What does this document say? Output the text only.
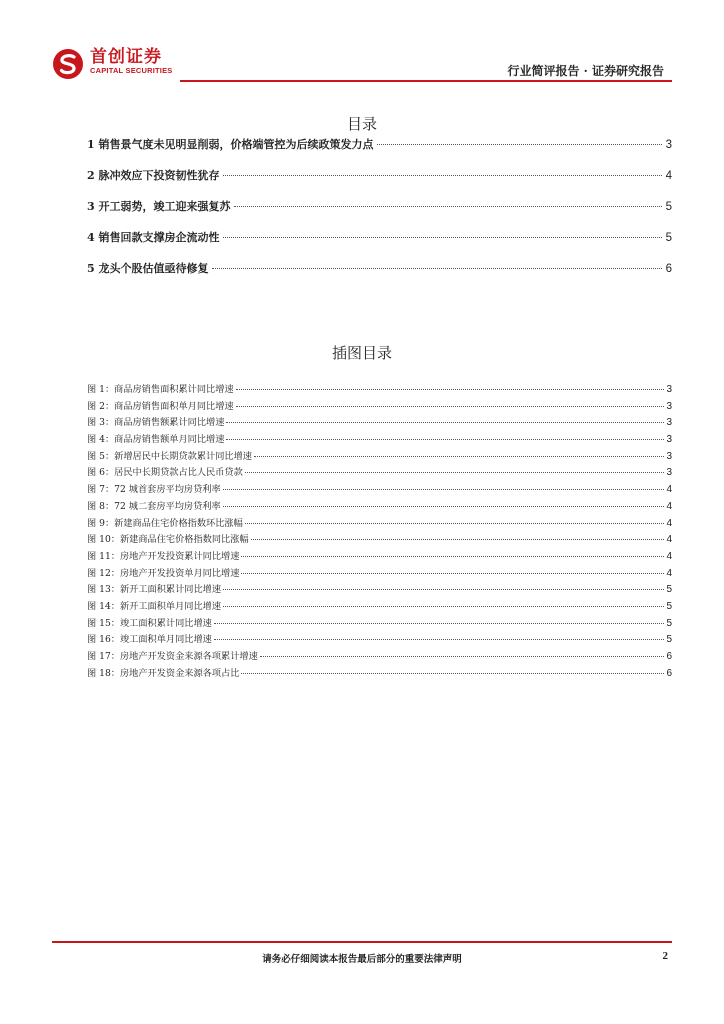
首创证券
CAPITAL SECURITIES	行业简评报告 · 证券研究报告
目录
1 销售景气度未见明显削弱，价格端管控为后续政策发力点	3
2 脉冲效应下投资韧性犹存	4
3 开工弱势，竣工迎来强复苏	5
4 销售回款支撑房企流动性	5
5 龙头个股估值亟待修复	6
插图目录
图 1：商品房销售面积累计同比增速	3
图 2：商品房销售面积单月同比增速	3
图 3：商品房销售额累计同比增速	3
图 4：商品房销售额单月同比增速	3
图 5：新增居民中长期贷款累计同比增速	3
图 6：居民中长期贷款占比人民币贷款	3
图 7：72 城首套房平均房贷利率	4
图 8：72 城二套房平均房贷利率	4
图 9：新建商品住宅价格指数环比涨幅	4
图 10：新建商品住宅价格指数同比涨幅	4
图 11：房地产开发投资累计同比增速	4
图 12：房地产开发投资单月同比增速	4
图 13：新开工面积累计同比增速	5
图 14：新开工面积单月同比增速	5
图 15：竣工面积累计同比增速	5
图 16：竣工面积单月同比增速	5
图 17：房地产开发资金来源各项累计增速	6
图 18：房地产开发资金来源各项占比	6
请务必仔细阅读本报告最后部分的重要法律声明	2
